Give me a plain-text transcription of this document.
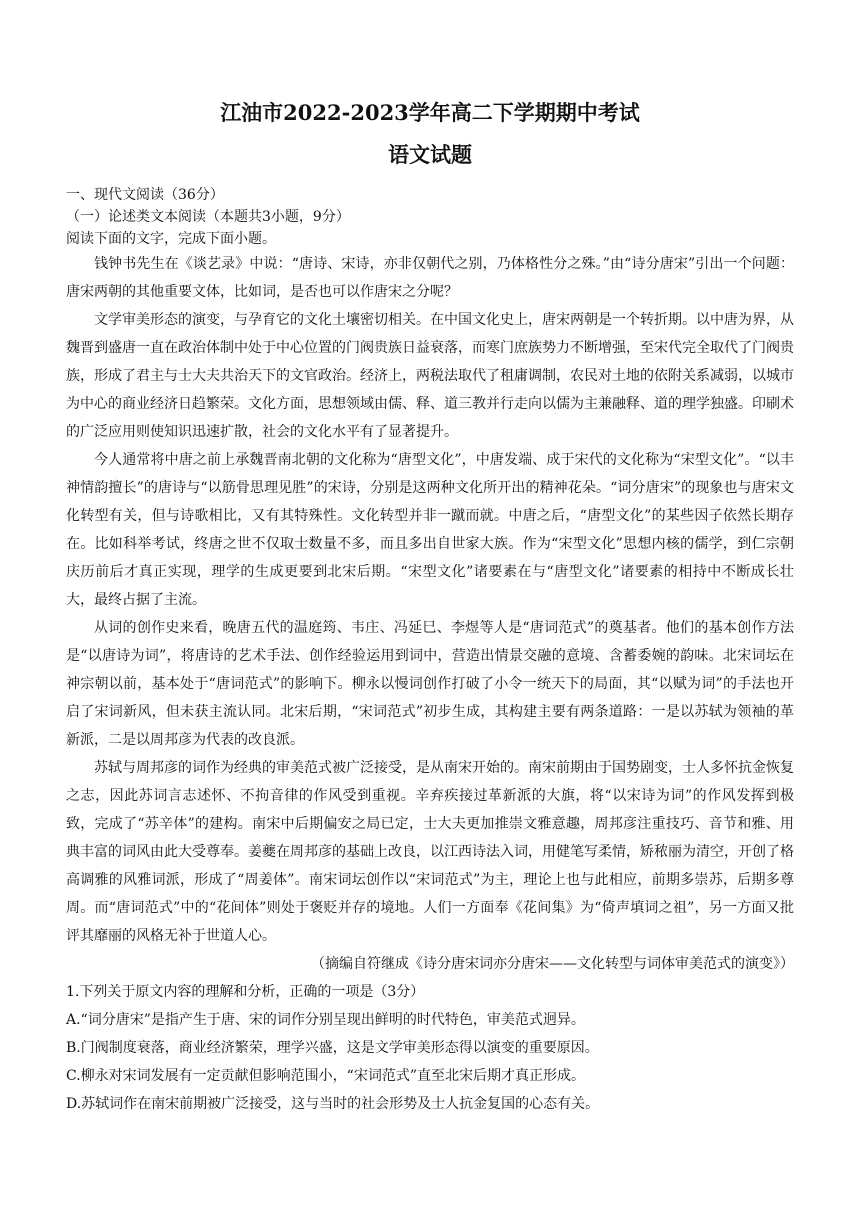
江油市2022-2023学年高二下学期期中考试
语文试题

一、现代文阅读（36分）

（一）论述类文本阅读（本题共3小题，9分）

阅读下面的文字，完成下面小题。

钱钟书先生在《谈艺录》中说：“唐诗、宋诗，亦非仅朝代之别，乃体格性分之殊。”由“诗分唐宋”引出一个问题：唐宋两朝的其他重要文体，比如词，是否也可以作唐宋之分呢？

文学审美形态的演变，与孕育它的文化土壤密切相关。在中国文化史上，唐宋两朝是一个转折期。以中唐为界，从魏晋到盛唐一直在政治体制中处于中心位置的门阀贵族日益衰落，而寒门庶族势力不断增强，至宋代完全取代了门阀贵族，形成了君主与士大夫共治天下的文官政治。经济上，两税法取代了租庸调制，农民对土地的依附关系减弱，以城市为中心的商业经济日趋繁荣。文化方面，思想领域由儒、释、道三教并行走向以儒为主兼融释、道的理学独盛。印刷术的广泛应用则使知识迅速扩散，社会的文化水平有了显著提升。

今人通常将中唐之前上承魏晋南北朝的文化称为“唐型文化”，中唐发端、成于宋代的文化称为“宋型文化”。“以丰神情韵擅长”的唐诗与“以筋骨思理见胜”的宋诗，分别是这两种文化所开出的精神花朵。“词分唐宋”的现象也与唐宋文化转型有关，但与诗歌相比，又有其特殊性。文化转型并非一蹴而就。中唐之后，“唐型文化”的某些因子依然长期存在。比如科举考试，终唐之世不仅取士数量不多，而且多出自世家大族。作为“宋型文化”思想内核的儒学，到仁宗朝庆历前后才真正实现，理学的生成更要到北宋后期。“宋型文化”诸要素在与“唐型文化”诸要素的相持中不断成长壮大，最终占据了主流。

从词的创作史来看，晚唐五代的温庭筠、韦庄、冯延巳、李煜等人是“唐词范式”的奠基者。他们的基本创作方法是“以唐诗为词”，将唐诗的艺术手法、创作经验运用到词中，营造出情景交融的意境、含蓄委婉的韵味。北宋词坛在神宗朝以前，基本处于“唐词范式”的影响下。柳永以慢词创作打破了小令一统天下的局面，其“以赋为词”的手法也开启了宋词新风，但未获主流认同。北宋后期，“宋词范式”初步生成，其构建主要有两条道路：一是以苏轼为领袖的革新派，二是以周邦彦为代表的改良派。

苏轼与周邦彦的词作为经典的审美范式被广泛接受，是从南宋开始的。南宋前期由于国势剧变，士人多怀抗金恢复之志，因此苏词言志述怀、不拘音律的作风受到重视。辛弃疾接过革新派的大旗，将“以宋诗为词”的作风发挥到极致，完成了“苏辛体”的建构。南宋中后期偏安之局已定，士大夫更加推崇文雅意趣，周邦彦注重技巧、音节和雅、用典丰富的词风由此大受尊奉。姜夔在周邦彦的基础上改良，以江西诗法入词，用健笔写柔情，矫秾丽为清空，开创了格高调雅的风雅词派，形成了“周姜体”。南宋词坛创作以“宋词范式”为主，理论上也与此相应，前期多崇苏，后期多尊周。而“唐词范式”中的“花间体”则处于褒贬并存的境地。人们一方面奉《花间集》为“倚声填词之祖”，另一方面又批评其靡丽的风格无补于世道人心。

（摘编自符继成《诗分唐宋词亦分唐宋——文化转型与词体审美范式的演变》）

1.下列关于原文内容的理解和分析，正确的一项是（3分）

A.“词分唐宋”是指产生于唐、宋的词作分别呈现出鲜明的时代特色，审美范式迥异。

B.门阀制度衰落，商业经济繁荣，理学兴盛，这是文学审美形态得以演变的重要原因。

C.柳永对宋词发展有一定贡献但影响范围小，“宋词范式”直至北宋后期才真正形成。

D.苏轼词作在南宋前期被广泛接受，这与当时的社会形势及士人抗金复国的心态有关。
